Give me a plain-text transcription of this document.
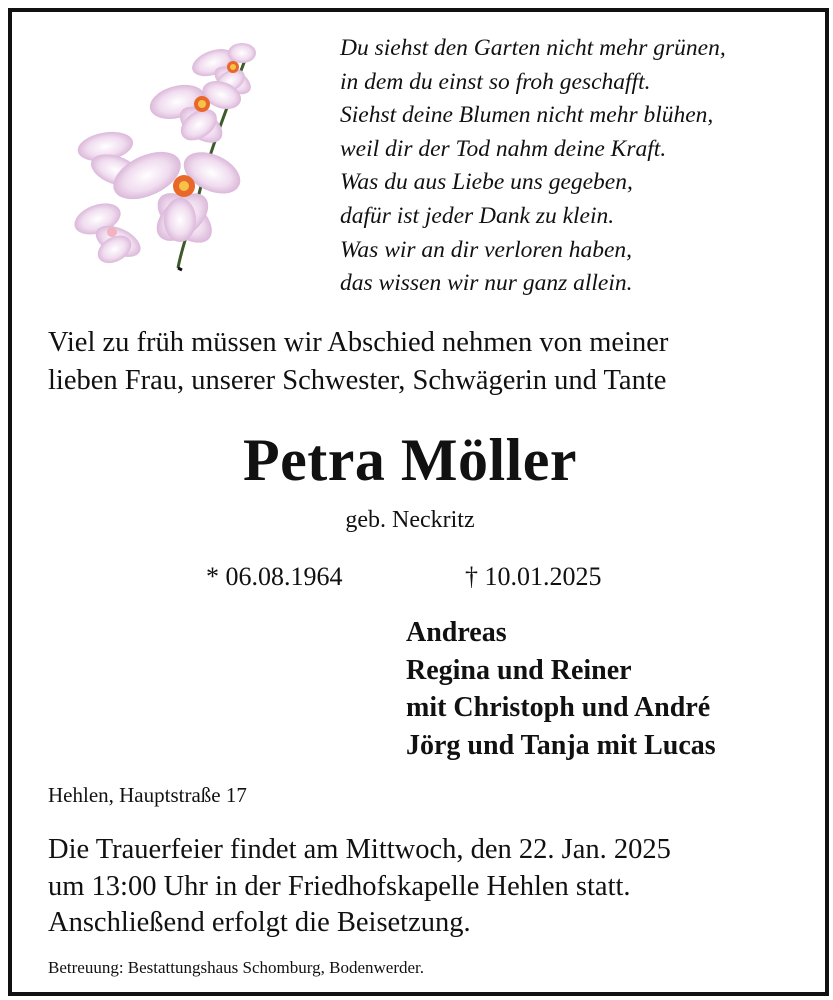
Du siehst den Garten nicht mehr grünen,
in dem du einst so froh geschafft.
Siehst deine Blumen nicht mehr blühen,
weil dir der Tod nahm deine Kraft.
Was du aus Liebe uns gegeben,
dafür ist jeder Dank zu klein.
Was wir an dir verloren haben,
das wissen wir nur ganz allein.
Viel zu früh müssen wir Abschied nehmen von meiner
lieben Frau, unserer Schwester, Schwägerin und Tante
Petra Möller
geb. Neckritz
* 06.08.1964	† 10.01.2025
Andreas
Regina und Reiner
mit Christoph und André
Jörg und Tanja mit Lucas
Hehlen, Hauptstraße 17
Die Trauerfeier findet am Mittwoch, den 22. Jan. 2025
um 13:00 Uhr in der Friedhofskapelle Hehlen statt.
Anschließend erfolgt die Beisetzung.
Betreuung: Bestattungshaus Schomburg, Bodenwerder.
